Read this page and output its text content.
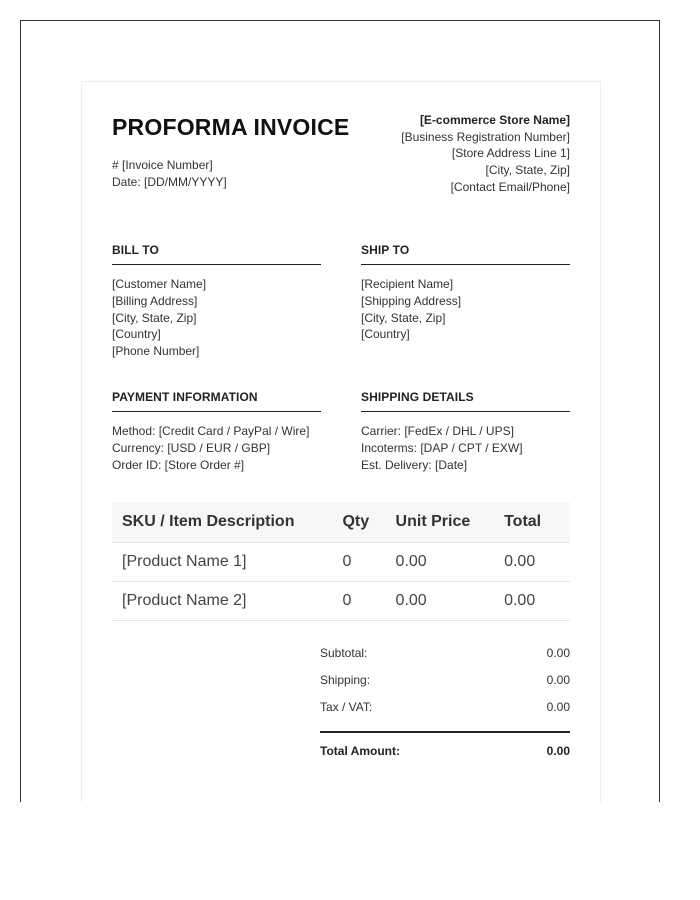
PROFORMA INVOICE
# [Invoice Number]
Date: [DD/MM/YYYY]
[E-commerce Store Name]
[Business Registration Number]
[Store Address Line 1]
[City, State, Zip]
[Contact Email/Phone]
BILL TO
[Customer Name]
[Billing Address]
[City, State, Zip]
[Country]
[Phone Number]
SHIP TO
[Recipient Name]
[Shipping Address]
[City, State, Zip]
[Country]
PAYMENT INFORMATION
Method: [Credit Card / PayPal / Wire]
Currency: [USD / EUR / GBP]
Order ID: [Store Order #]
SHIPPING DETAILS
Carrier: [FedEx / DHL / UPS]
Incoterms: [DAP / CPT / EXW]
Est. Delivery: [Date]
SKU / Item Description	Qty	Unit Price	Total
[Product Name 1]	0	0.00	0.00
[Product Name 2]	0	0.00	0.00
Subtotal:	0.00
Shipping:	0.00
Tax / VAT:	0.00
Total Amount:	0.00
